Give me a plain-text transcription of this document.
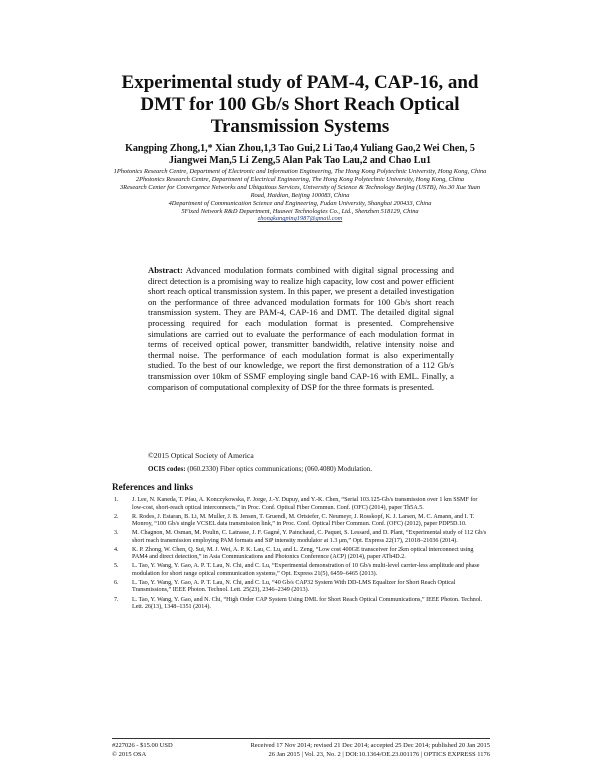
Experimental study of PAM-4, CAP-16, and
DMT for 100 Gb/s Short Reach Optical
Transmission Systems
Kangping Zhong,1,* Xian Zhou,1,3 Tao Gui,2 Li Tao,4 Yuliang Gao,2 Wei Chen, 5
Jiangwei Man,5 Li Zeng,5 Alan Pak Tao Lau,2 and Chao Lu1
1Photonics Research Centre, Department of Electronic and Information Engineering, The Hong Kong Polytechnic University, Hong Kong, China
2Photonics Research Centre, Department of Electrical Engineering, The Hong Kong Polytechnic University, Hong Kong, China
3Research Center for Convergence Networks and Ubiquitous Services, University of Science & Technology Beijing (USTB), No.30 Xue Yuan Road, Haidian, Beijing 100083, China
4Department of Communication Science and Engineering, Fudan University, Shanghai 200433, China
5Fixed Network R&D Department, Huawei Technologies Co., Ltd., Shenzhen 518129, China
zhongkangping1987@gmail.com
Abstract: Advanced modulation formats combined with digital signal processing and direct detection is a promising way to realize high capacity, low cost and power efficient short reach optical transmission system. In this paper, we present a detailed investigation on the performance of three advanced modulation formats for 100 Gb/s short reach transmission system. They are PAM-4, CAP-16 and DMT. The detailed digital signal processing required for each modulation format is presented. Comprehensive simulations are carried out to evaluate the performance of each modulation format in terms of received optical power, transmitter bandwidth, relative intensity noise and thermal noise. The performance of each modulation format is also experimentally studied. To the best of our knowledge, we report the first demonstration of a 112 Gb/s transmission over 10km of SSMF employing single band CAP-16 with EML. Finally, a comparison of computational complexity of DSP for the three formats is presented.
©2015 Optical Society of America
OCIS codes: (060.2330) Fiber optics communications; (060.4080) Modulation.
References and links
1. J. Lee, N. Kaneda, T. Pfau, A. Konczykowska, F. Jorge, J.-Y. Dupuy, and Y.-K. Chen, “Serial 103.125-Gb/s transmission over 1 km SSMF for low-cost, short-reach optical interconnects,” in Proc. Conf. Optical Fiber Commun. Conf. (OFC) (2014), paper Th5A.5.
2. R. Rodes, J. Estaran, B. Li, M. Muller, J. B. Jensen, T. Gruendl, M. Ortsiefer, C. Neumeyr, J. Rosskopf, K. J. Larsen, M. C. Amann, and I. T. Monroy, “100 Gb/s single VCSEL data transmission link,” in Proc. Conf. Optical Fiber Commun. Conf. (OFC) (2012), paper PDP5D.10.
3. M. Chagnon, M. Osman, M. Poulin, C. Latrasse, J. F. Gagné, Y. Painchaud, C. Paquet, S. Lessard, and D. Plant, “Experimental study of 112 Gb/s short reach transmission employing PAM formats and SiP intensity modulator at 1.3 μm,” Opt. Express 22(17), 21018–21036 (2014).
4. K. P. Zhong, W. Chen, Q. Sui, M. J. Wei, A. P. K. Lau, C. Lu, and L. Zeng, “Low cost 400GE transceiver for 2km optical interconnect using PAM4 and direct detection,” in Asia Communications and Photonics Conference (ACP) (2014), paper ATh4D.2.
5. L. Tao, Y. Wang, Y. Gao, A. P. T. Lau, N. Chi, and C. Lu, “Experimental demonstration of 10 Gb/s multi-level carrier-less amplitude and phase modulation for short range optical communication systems,” Opt. Express 21(5), 6459–6465 (2013).
6. L. Tao, Y. Wang, Y. Gao, A. P. T. Lau, N. Chi, and C. Lu, “40 Gb/s CAP32 System With DD-LMS Equalizer for Short Reach Optical Transmissions,” IEEE Photon. Technol. Lett. 25(23), 2346–2349 (2013).
7. L. Tao, Y. Wang, Y. Gao, and N. Chi, “High Order CAP System Using DML for Short Reach Optical Communications,” IEEE Photon. Technol. Lett. 26(13), 1348–1351 (2014).
#227026 - $15.00 USD	Received 17 Nov 2014; revised 21 Dec 2014; accepted 25 Dec 2014; published 20 Jan 2015
© 2015 OSA	26 Jan 2015 | Vol. 23, No. 2 | DOI:10.1364/OE.23.001176 | OPTICS EXPRESS 1176
